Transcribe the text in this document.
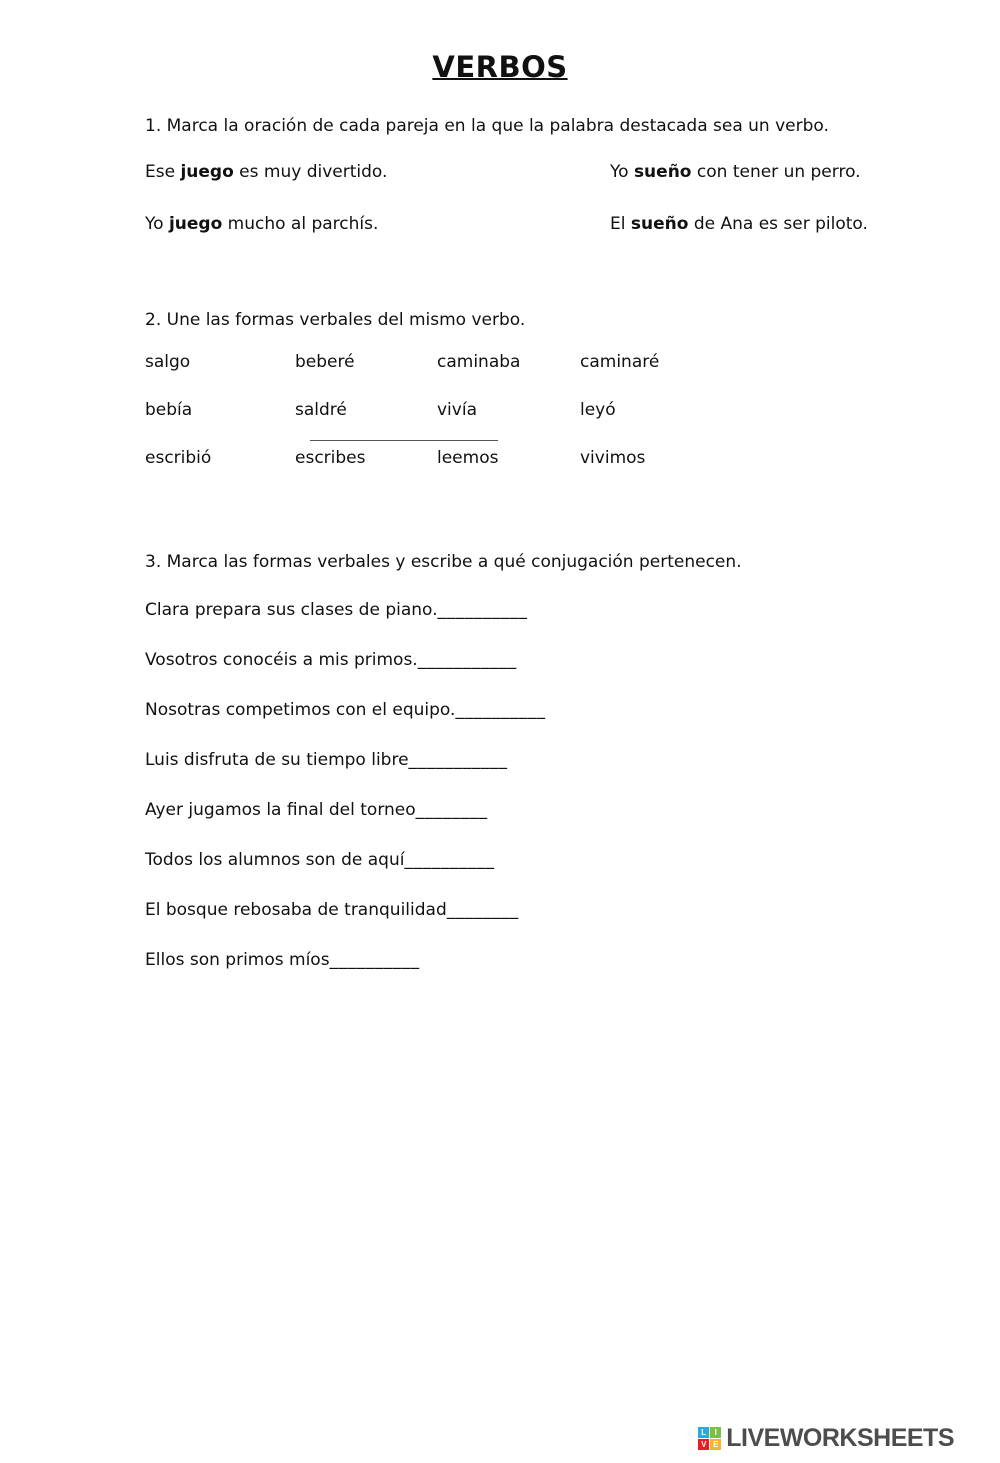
VERBOS

1. Marca la oración de cada pareja en la que la palabra destacada sea un verbo.

Ese juego es muy divertido.	Yo sueño con tener un perro.
Yo juego mucho al parchís.	El sueño de Ana es ser piloto.

2. Une las formas verbales del mismo verbo.

salgo	beberé	caminaba	caminaré
bebía	saldré	vivía	leyó
escribió	escribes	leemos	vivimos

3. Marca las formas verbales y escribe a qué conjugación pertenecen.

Clara prepara sus clases de piano.__________
Vosotros conocéis a mis primos.___________
Nosotras competimos con el equipo.__________
Luis disfruta de su tiempo libre___________
Ayer jugamos la final del torneo________
Todos los alumnos son de aquí__________
El bosque rebosaba de tranquilidad________
Ellos son primos míos__________
L	I
V E LIVEWORKSHEETS
